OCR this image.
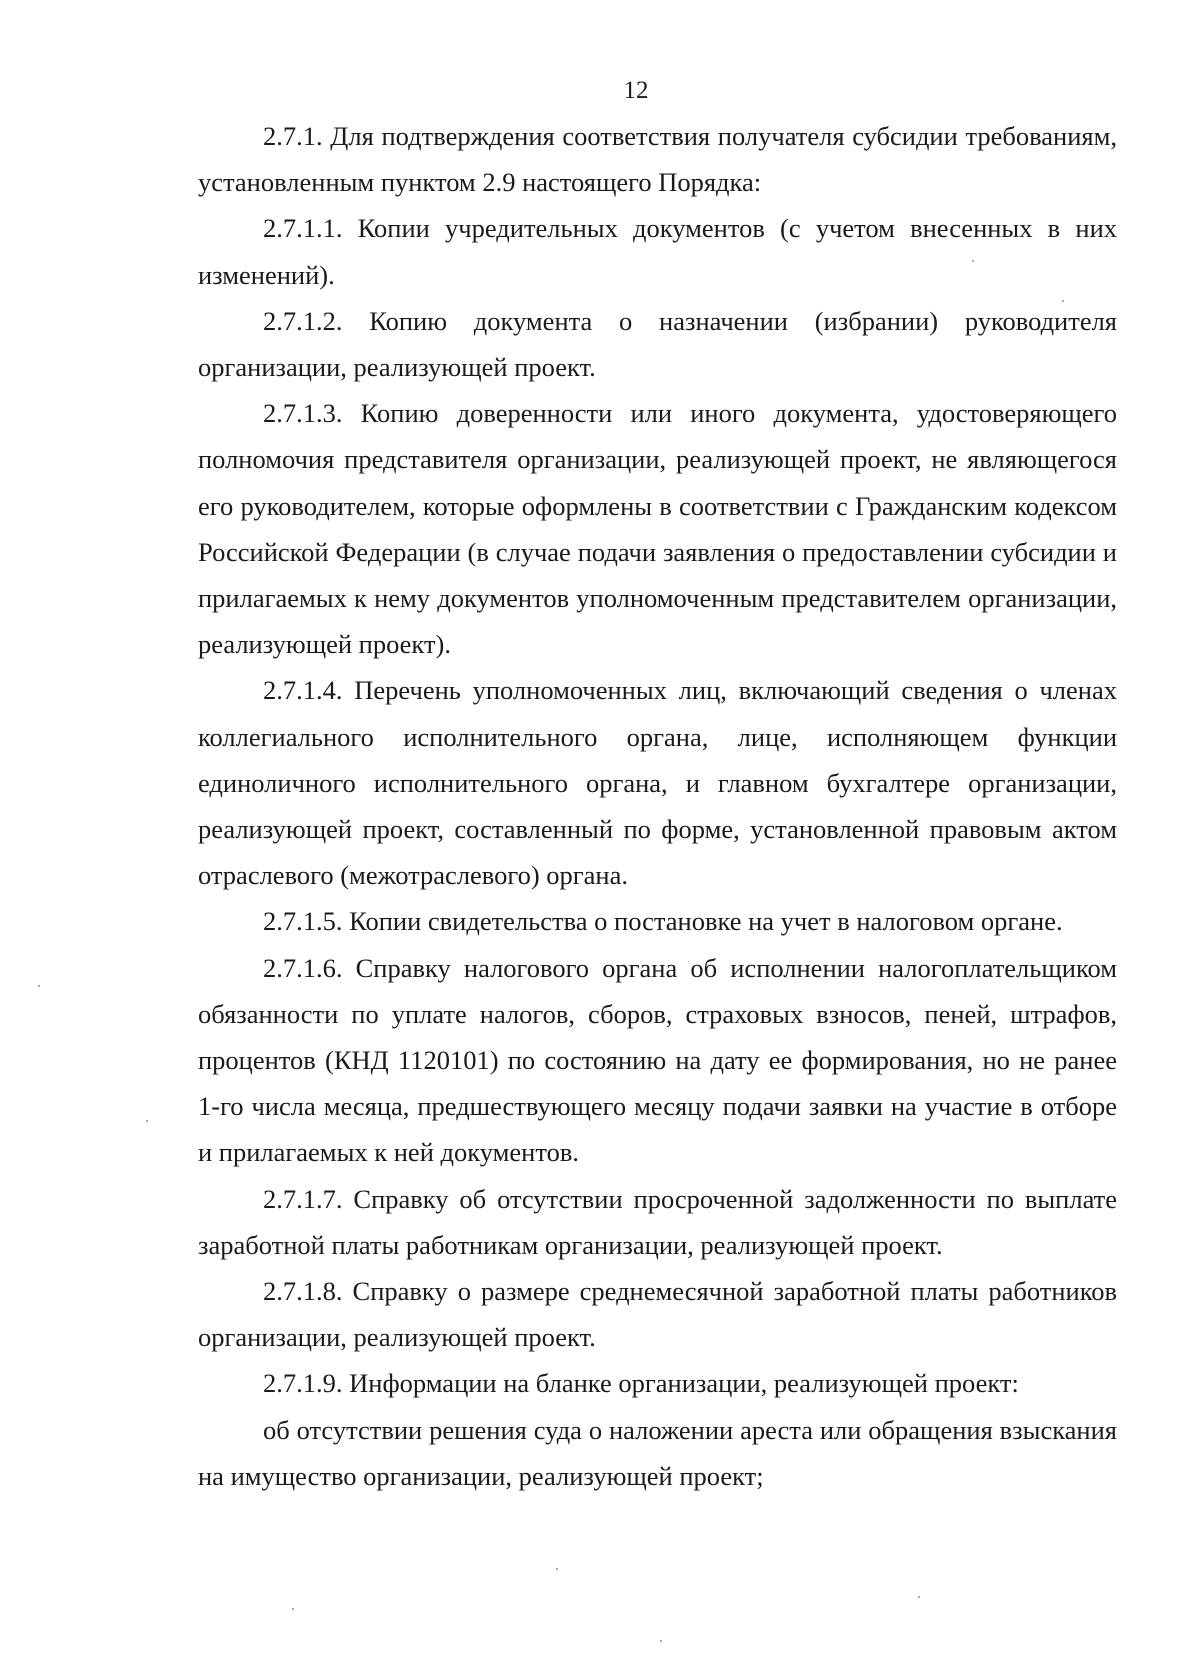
12

2.7.1. Для подтверждения соответствия получателя субсидии требованиям, установленным пунктом 2.9 настоящего Порядка:

2.7.1.1. Копии учредительных документов (с учетом внесенных в них изменений).

2.7.1.2. Копию документа о назначении (избрании) руководителя организации, реализующей проект.

2.7.1.3. Копию доверенности или иного документа, удостоверяющего полномочия представителя организации, реализующей проект, не являющегося его руководителем, которые оформлены в соответствии с Гражданским кодексом Российской Федерации (в случае подачи заявления о предоставлении субсидии и прилагаемых к нему документов уполномоченным представителем организации, реализующей проект).

2.7.1.4. Перечень уполномоченных лиц, включающий сведения о членах коллегиального исполнительного органа, лице, исполняющем функции единоличного исполнительного органа, и главном бухгалтере организации, реализующей проект, составленный по форме, установленной правовым актом отраслевого (межотраслевого) органа.

2.7.1.5. Копии свидетельства о постановке на учет в налоговом органе.

2.7.1.6. Справку налогового органа об исполнении налогоплательщиком обязанности по уплате налогов, сборов, страховых взносов, пеней, штрафов, процентов (КНД 1120101) по состоянию на дату ее формирования, но не ранее 1-го числа месяца, предшествующего месяцу подачи заявки на участие в отборе и прилагаемых к ней документов.

2.7.1.7. Справку об отсутствии просроченной задолженности по выплате заработной платы работникам организации, реализующей проект.

2.7.1.8. Справку о размере среднемесячной заработной платы работников организации, реализующей проект.

2.7.1.9. Информации на бланке организации, реализующей проект:

об отсутствии решения суда о наложении ареста или обращения взыскания на имущество организации, реализующей проект;
